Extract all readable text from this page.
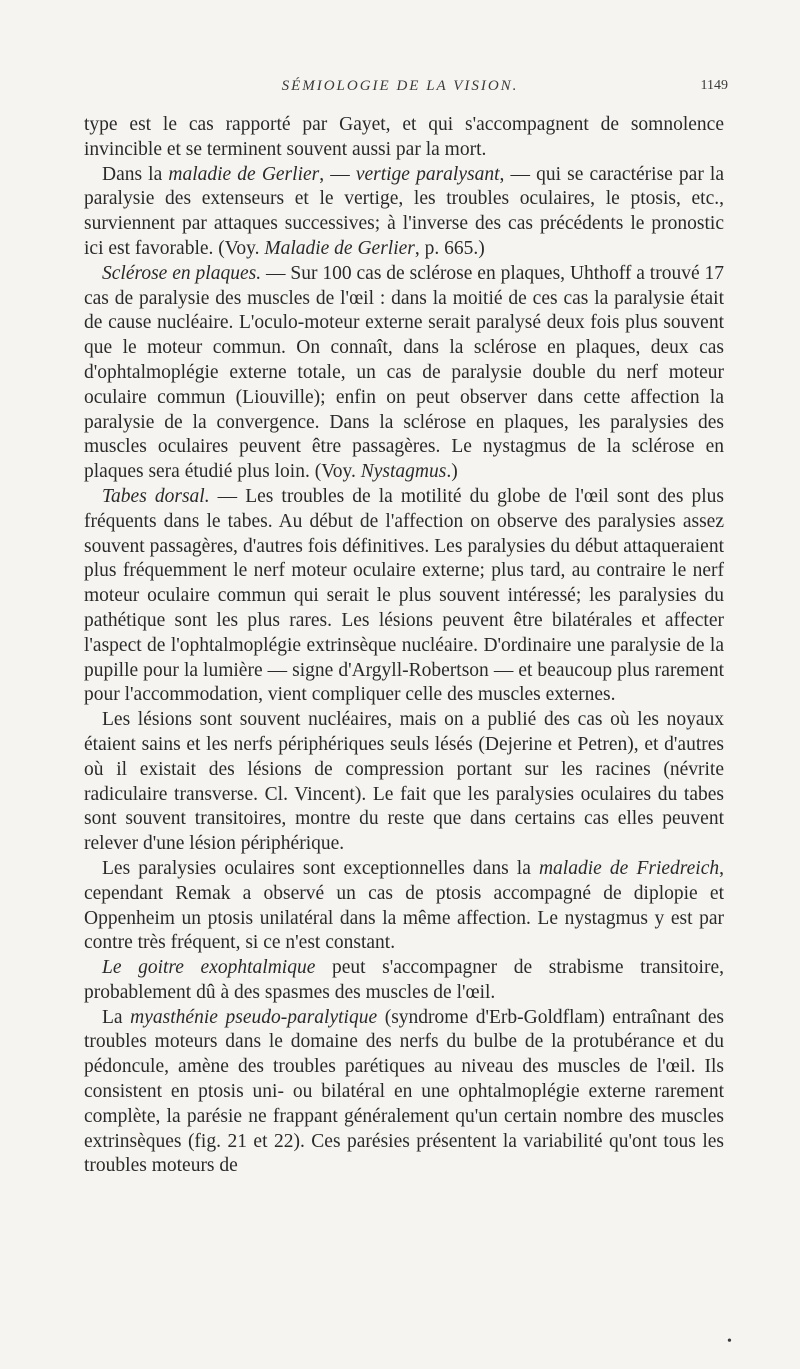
SÉMIOLOGIE DE LA VISION.	1149

type est le cas rapporté par Gayet, et qui s'accompagnent de somnolence invincible et se terminent souvent aussi par la mort.

Dans la maladie de Gerlier, — vertige paralysant, — qui se caractérise par la paralysie des extenseurs et le vertige, les troubles oculaires, le ptosis, etc., surviennent par attaques successives; à l'inverse des cas précédents le pronostic ici est favorable. (Voy. Maladie de Gerlier, p. 665.)

Sclérose en plaques. — Sur 100 cas de sclérose en plaques, Uhthoff a trouvé 17 cas de paralysie des muscles de l'œil : dans la moitié de ces cas la paralysie était de cause nucléaire. L'oculo-moteur externe serait paralysé deux fois plus souvent que le moteur commun. On connaît, dans la sclérose en plaques, deux cas d'ophtalmoplégie externe totale, un cas de paralysie double du nerf moteur oculaire commun (Liouville); enfin on peut observer dans cette affection la paralysie de la convergence. Dans la sclérose en plaques, les paralysies des muscles oculaires peuvent être passagères. Le nystagmus de la sclérose en plaques sera étudié plus loin. (Voy. Nystagmus.)

Tabes dorsal. — Les troubles de la motilité du globe de l'œil sont des plus fréquents dans le tabes. Au début de l'affection on observe des paralysies assez souvent passagères, d'autres fois définitives. Les paralysies du début attaqueraient plus fréquemment le nerf moteur oculaire externe; plus tard, au contraire le nerf moteur oculaire commun qui serait le plus souvent intéressé; les paralysies du pathétique sont les plus rares. Les lésions peuvent être bilatérales et affecter l'aspect de l'ophtalmoplégie extrinsèque nucléaire. D'ordinaire une paralysie de la pupille pour la lumière — signe d'Argyll-Robertson — et beaucoup plus rarement pour l'accommodation, vient compliquer celle des muscles externes.

Les lésions sont souvent nucléaires, mais on a publié des cas où les noyaux étaient sains et les nerfs périphériques seuls lésés (Dejerine et Petren), et d'autres où il existait des lésions de compression portant sur les racines (névrite radiculaire transverse. Cl. Vincent). Le fait que les paralysies oculaires du tabes sont souvent transitoires, montre du reste que dans certains cas elles peuvent relever d'une lésion périphérique.

Les paralysies oculaires sont exceptionnelles dans la maladie de Friedreich, cependant Remak a observé un cas de ptosis accompagné de diplopie et Oppenheim un ptosis unilatéral dans la même affection. Le nystagmus y est par contre très fréquent, si ce n'est constant.

Le goitre exophtalmique peut s'accompagner de strabisme transitoire, probablement dû à des spasmes des muscles de l'œil.

La myasthénie pseudo-paralytique (syndrome d'Erb-Goldflam) entraînant des troubles moteurs dans le domaine des nerfs du bulbe de la protubérance et du pédoncule, amène des troubles parétiques au niveau des muscles de l'œil. Ils consistent en ptosis uni- ou bilatéral en une ophtalmoplégie externe rarement complète, la parésie ne frappant généralement qu'un certain nombre des muscles extrinsèques (fig. 21 et 22). Ces parésies présentent la variabilité qu'ont tous les troubles moteurs de

•
